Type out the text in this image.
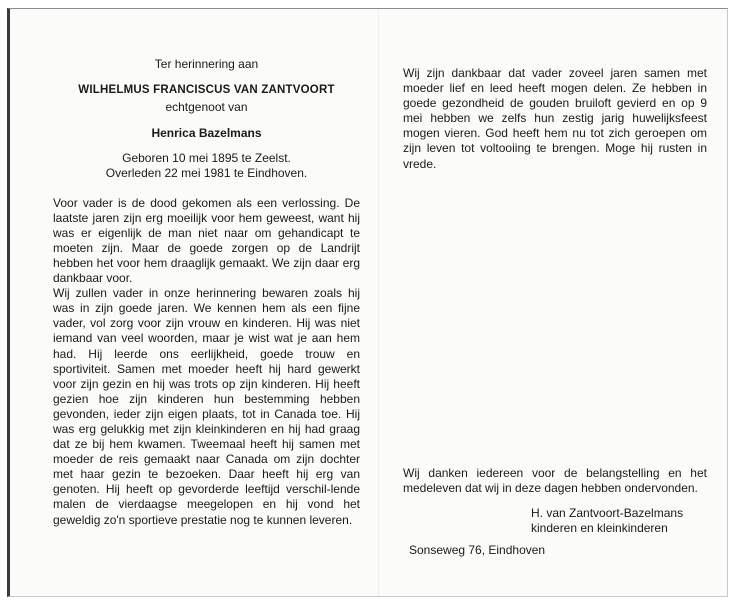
Ter herinnering aan
WILHELMUS FRANCISCUS VAN ZANTVOORT
echtgenoot van
Henrica Bazelmans

Geboren 10 mei 1895 te Zeelst.

Overleden 22 mei 1981 te Eindhoven.

Voor vader is de dood gekomen als een verlossing. De laatste jaren zijn erg moeilijk voor hem geweest, want hij was er eigenlijk de man niet naar om gehandicapt te moeten zijn. Maar de goede zorgen op de Landrijt hebben het voor hem draaglijk gemaakt. We zijn daar erg dankbaar voor.

Wij zullen vader in onze herinnering bewaren zoals hij was in zijn goede jaren. We kennen hem als een fijne vader, vol zorg voor zijn vrouw en kinderen. Hij was niet iemand van veel woorden, maar je wist wat je aan hem had. Hij leerde ons eerlijkheid, goede trouw en sportiviteit. Samen met moeder heeft hij hard gewerkt voor zijn gezin en hij was trots op zijn kinderen. Hij heeft gezien hoe zijn kinderen hun bestemming hebben gevonden, ieder zijn eigen plaats, tot in Canada toe. Hij was erg gelukkig met zijn kleinkinderen en hij had graag dat ze bij hem kwamen. Tweemaal heeft hij samen met moeder de reis gemaakt naar Canada om zijn dochter met haar gezin te bezoeken. Daar heeft hij erg van genoten. Hij heeft op gevorderde leeftijd verschil-lende malen de vierdaagse meegelopen en hij vond het geweldig zo'n sportieve prestatie nog te kunnen leveren.

Wij zijn dankbaar dat vader zoveel jaren samen met moeder lief en leed heeft mogen delen. Ze hebben in goede gezondheid de gouden bruiloft gevierd en op 9 mei hebben we zelfs hun zestig jarig huwelijksfeest mogen vieren. God heeft hem nu tot zich geroepen om zijn leven tot voltooiing te brengen. Moge hij rusten in vrede.

Wij danken iedereen voor de belangstelling en het medeleven dat wij in deze dagen hebben ondervonden.

H. van Zantvoort-Bazelmans

kinderen en kleinkinderen

Sonseweg 76, Eindhoven
